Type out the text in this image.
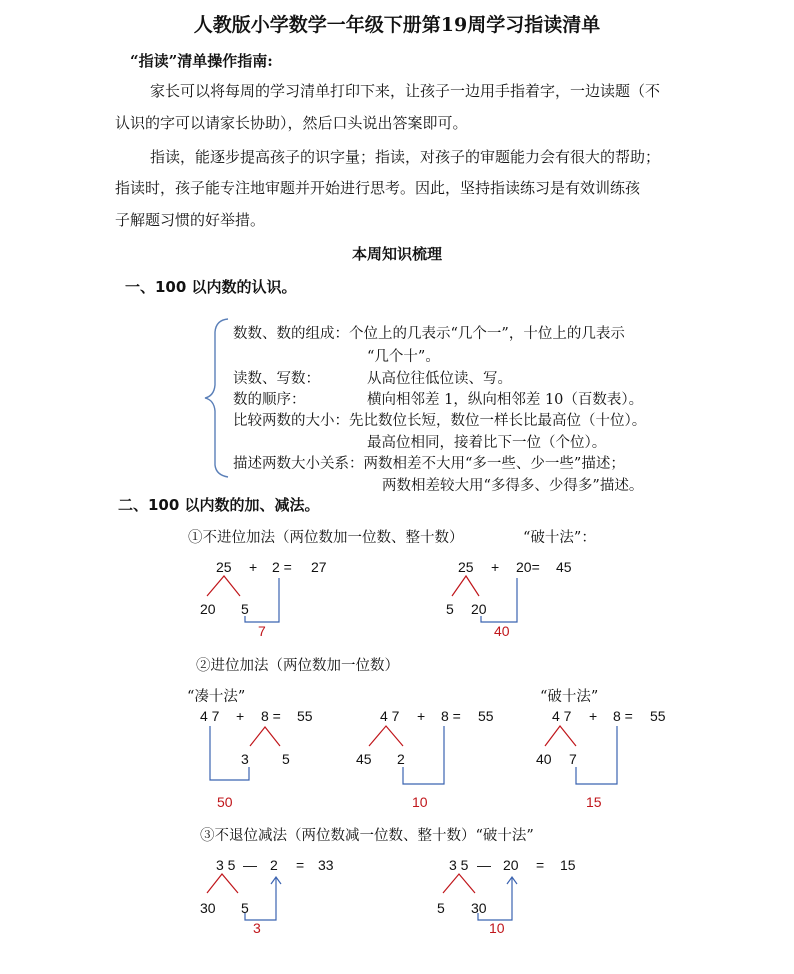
人教版小学数学一年级下册第19周学习指读清单
“指读”清单操作指南:
家长可以将每周的学习清单打印下来，让孩子一边用手指着字，一边读题（不
认识的字可以请家长协助），然后口头说出答案即可。
指读，能逐步提高孩子的识字量；指读，对孩子的审题能力会有很大的帮助；
指读时，孩子能专注地审题并开始进行思考。因此，坚持指读练习是有效训练孩
子解题习惯的好举措。
本周知识梳理
一、100 以内数的认识。
数数、数的组成：个位上的几表示“几个一”，十位上的几表示
“几个十”。
读数、写数：	从高位往低位读、写。
数的顺序：	横向相邻差 1，纵向相邻差 10（百数表）。
比较两数的大小：先比数位长短，数位一样长比最高位（十位）。
最高位相同，接着比下一位（个位）。
描述两数大小关系：两数相差不大用“多一些、少一些”描述；
两数相差较大用“多得多、少得多”描述。
二、100 以内数的加、减法。
①不进位加法（两位数加一位数、整十数）	“破十法”：
25 + 2 = 27
20 5
7
25 + 20= 45
5 20
40
②进位加法（两位数加一位数）
“凑十法”	“破十法”
4 7 + 8 = 55
3 5
50
4 7 + 8 = 55
45 2
10
4 7 + 8 = 55
40 7
15
③不退位减法（两位数减一位数、整十数）“破十法”
3 5 — 2 = 33
30 5
3
3 5 — 20 = 15
5 30
10
